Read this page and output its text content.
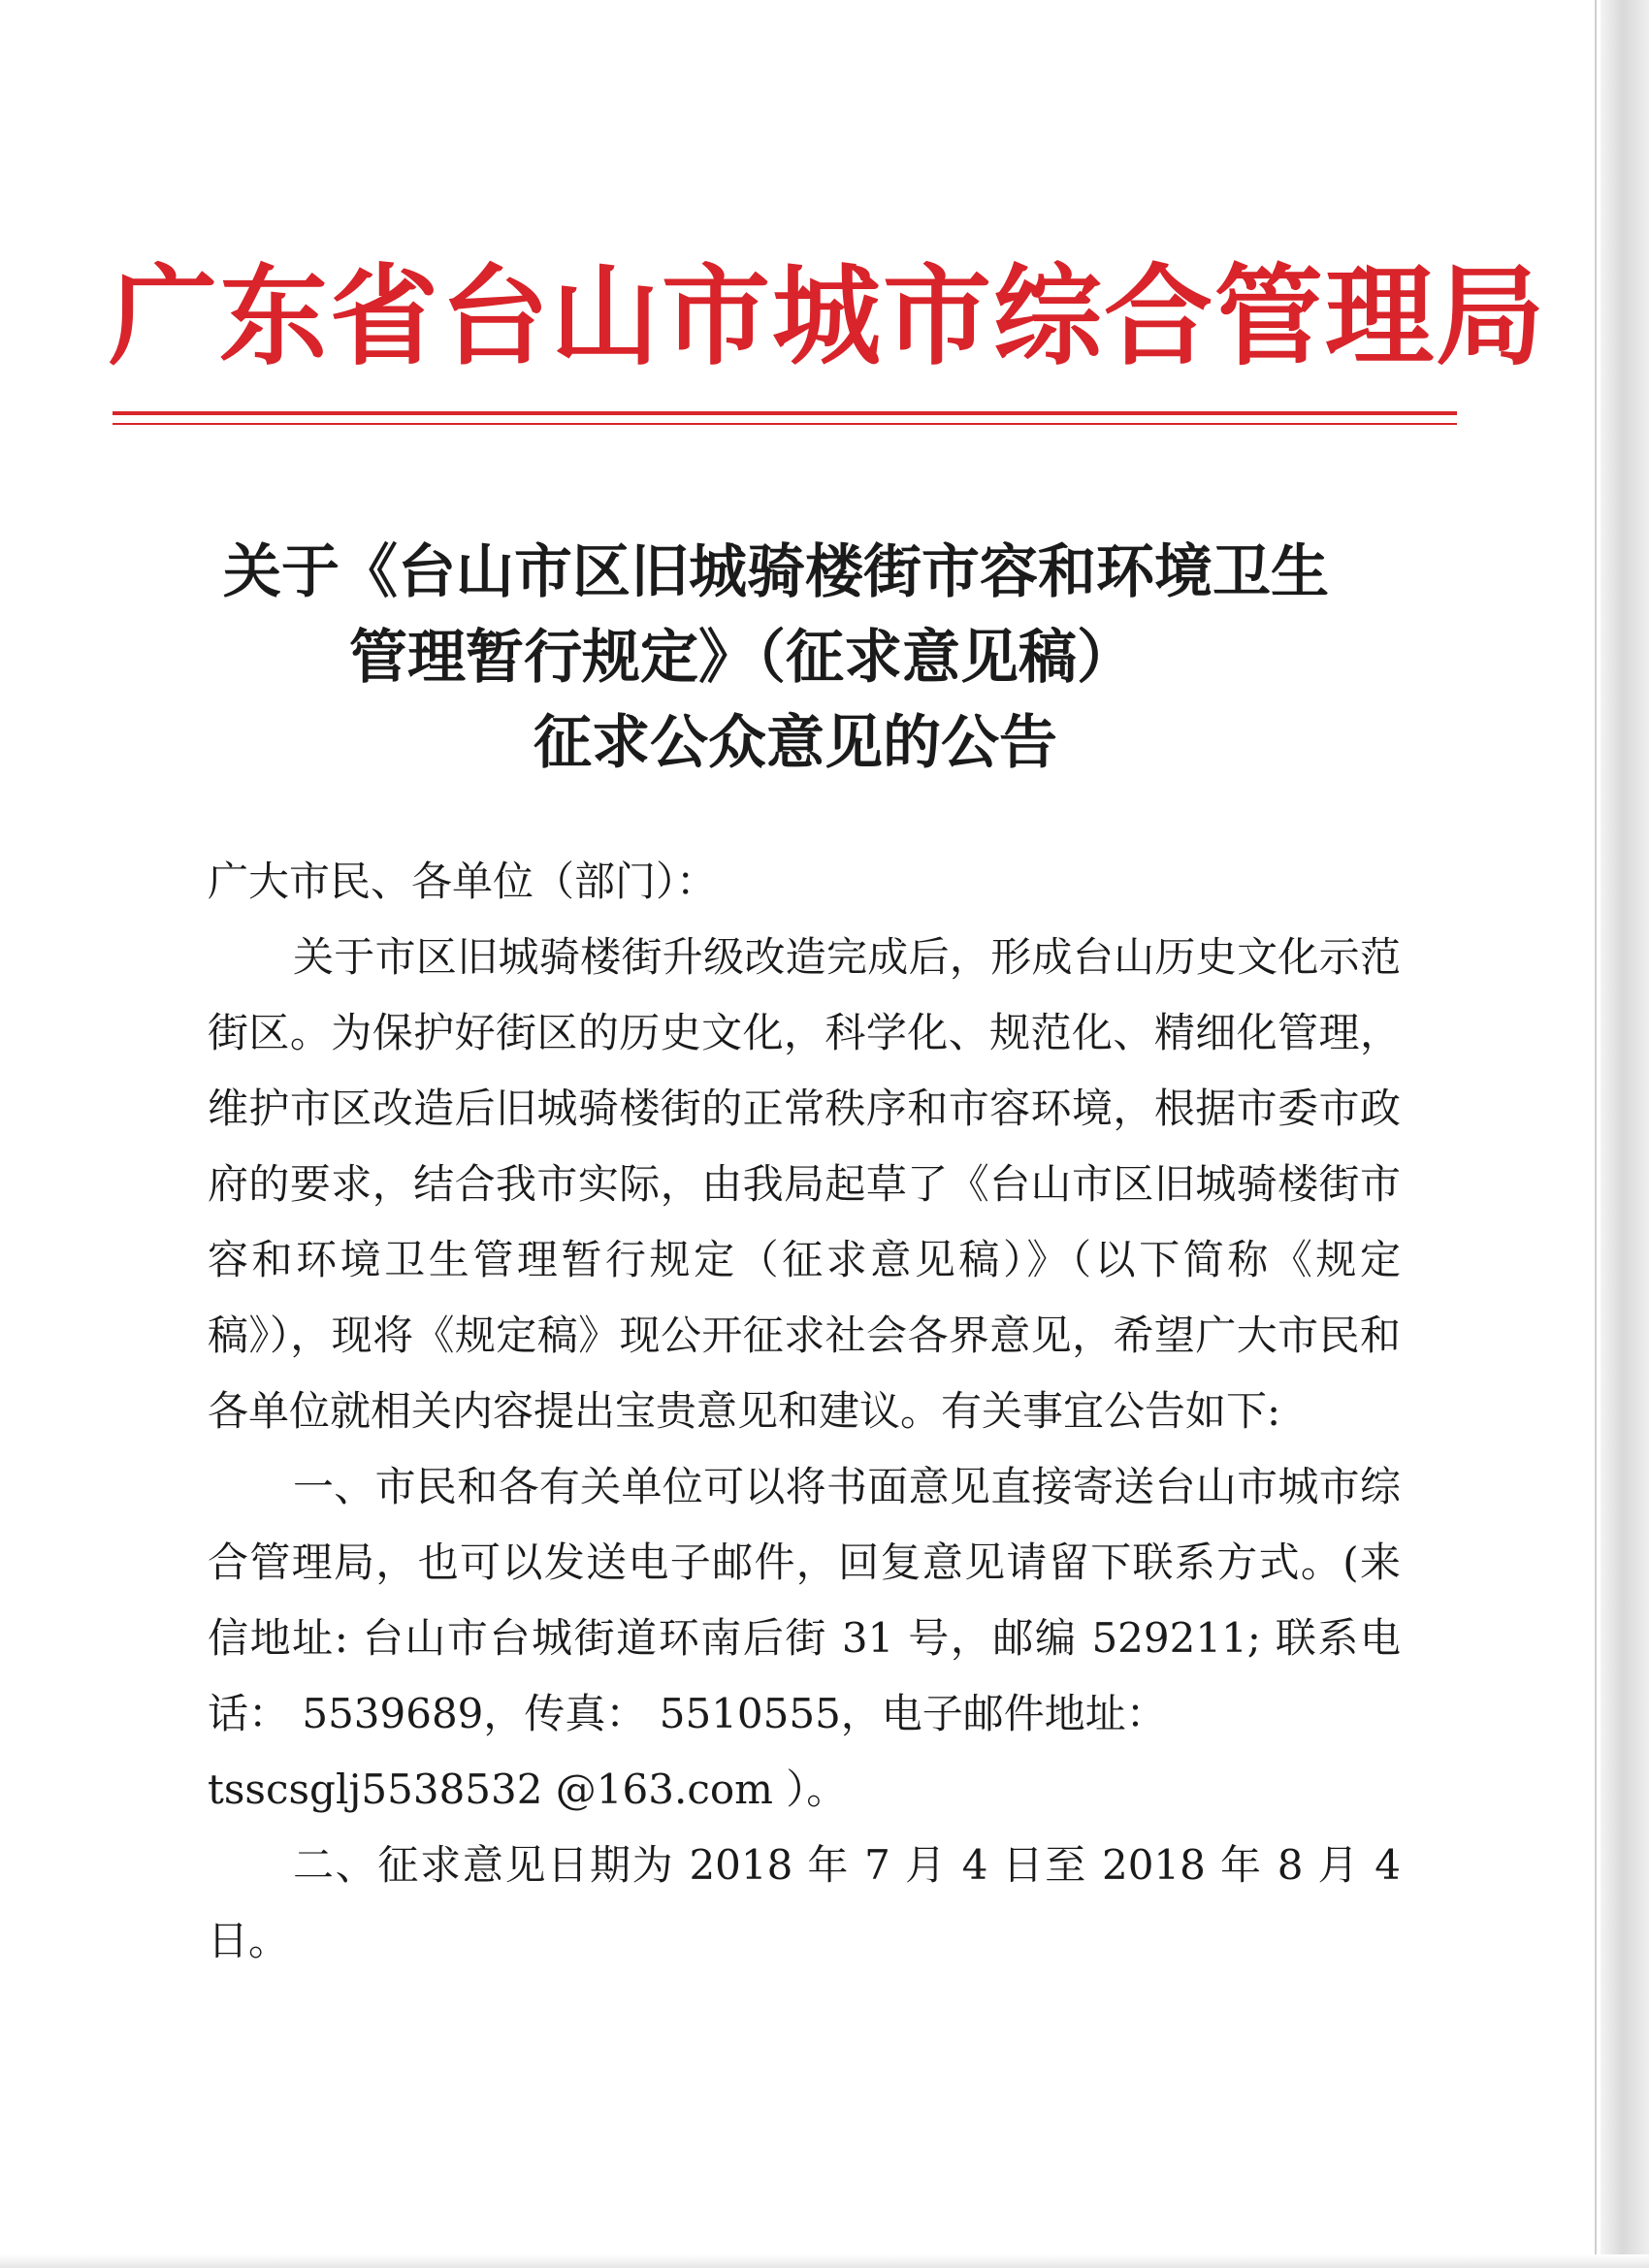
广东省台山市城市综合管理局
关于《台山市区旧城骑楼街市容和环境卫生
管理暂行规定》（征求意见稿）
征求公众意见的公告

广大市民、各单位（部门）：

关于市区旧城骑楼街升级改造完成后，形成台山历史文化示范街区。为保护好街区的历史文化，科学化、规范化、精细化管理，维护市区改造后旧城骑楼街的正常秩序和市容环境，根据市委市政府的要求，结合我市实际，由我局起草了《台山市区旧城骑楼街市容和环境卫生管理暂行规定（征求意见稿）》（以下简称《规定稿》），现将《规定稿》现公开征求社会各界意见，希望广大市民和各单位就相关内容提出宝贵意见和建议。有关事宜公告如下:

一、市民和各有关单位可以将书面意见直接寄送台山市城市综合管理局，也可以发送电子邮件，回复意见请留下联系方式。(来信地址: 台山市台城街道环南后街 31 号，邮编 529211; 联系电话： 5539689，传真： 5510555，电子邮件地址：

tsscsglj5538532 @163.com ）。

二、征求意见日期为 2018 年 7 月 4 日至 2018 年 8 月 4 日。
